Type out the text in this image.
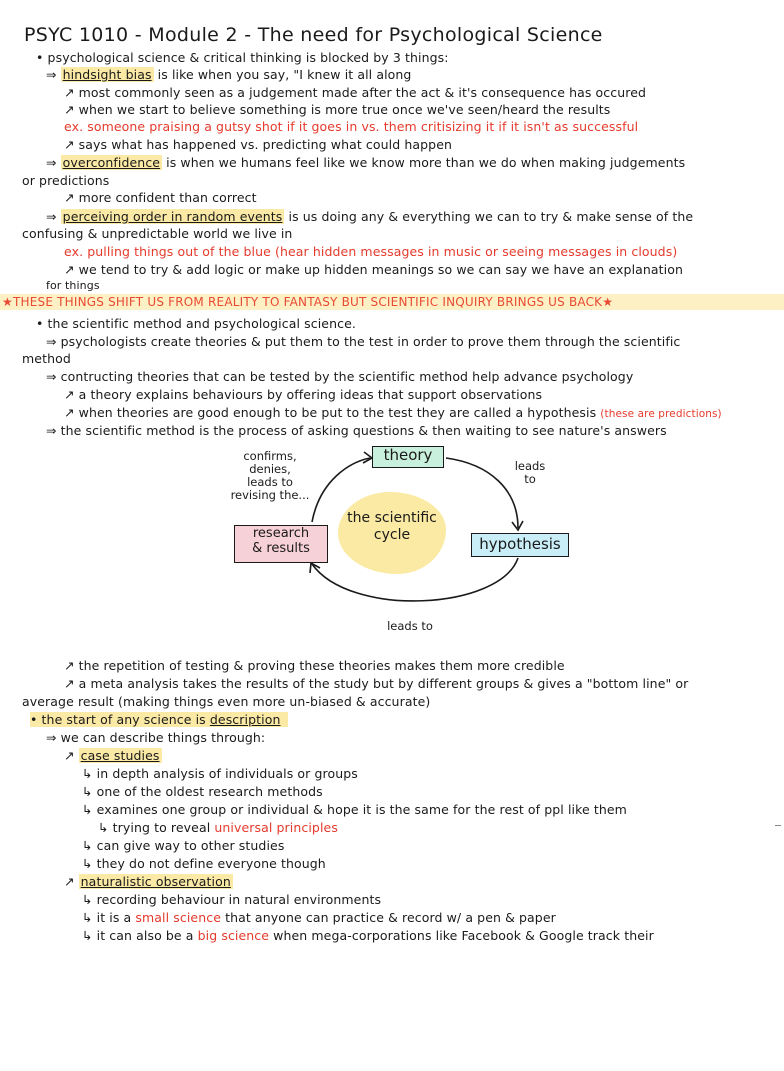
PSYC 1010 - Module 2 - The need for Psychological Science
• psychological science & critical thinking is blocked by 3 things:
⇒ hindsight bias is like when you say, "I knew it all along
↗ most commonly seen as a judgement made after the act & it's consequence has occured
↗ when we start to believe something is more true once we've seen/heard the results
ex. someone praising a gutsy shot if it goes in vs. them critisizing it if it isn't as successful
↗ says what has happened vs. predicting what could happen
⇒ overconfidence is when we humans feel like we know more than we do when making judgements
or predictions
↗ more confident than correct
⇒ perceiving order in random events is us doing any & everything we can to try & make sense of the
confusing & unpredictable world we live in
ex. pulling things out of the blue (hear hidden messages in music or seeing messages in clouds)
↗ we tend to try & add logic or make up hidden meanings so we can say we have an explanation
for things
★THESE THINGS SHIFT US FROM REALITY TO FANTASY BUT SCIENTIFIC INQUIRY BRINGS US BACK★
• the scientific method and psychological science.
⇒ psychologists create theories & put them to the test in order to prove them through the scientific
method
⇒ contructing theories that can be tested by the scientific method help advance psychology
↗ a theory explains behaviours by offering ideas that support observations
↗ when theories are good enough to be put to the test they are called a hypothesis (these are predictions)
⇒ the scientific method is the process of asking questions & then waiting to see nature's answers
the scientific
cycle
theory
hypothesis
research
& results
confirms,
denies,
leads to
revising the...
leads
to
leads to
↗ the repetition of testing & proving these theories makes them more credible
↗ a meta analysis takes the results of the study but by different groups & gives a "bottom line" or
average result (making things even more un-biased & accurate)
• the start of any science is description
⇒ we can describe things through:
↗ case studies
↳ in depth analysis of individuals or groups
↳ one of the oldest research methods
↳ examines one group or individual & hope it is the same for the rest of ppl like them
↳ trying to reveal universal principles
↳ can give way to other studies
↳ they do not define everyone though
↗ naturalistic observation
↳ recording behaviour in natural environments
↳ it is a small science that anyone can practice & record w/ a pen & paper
↳ it can also be a big science when mega-corporations like Facebook & Google track their
